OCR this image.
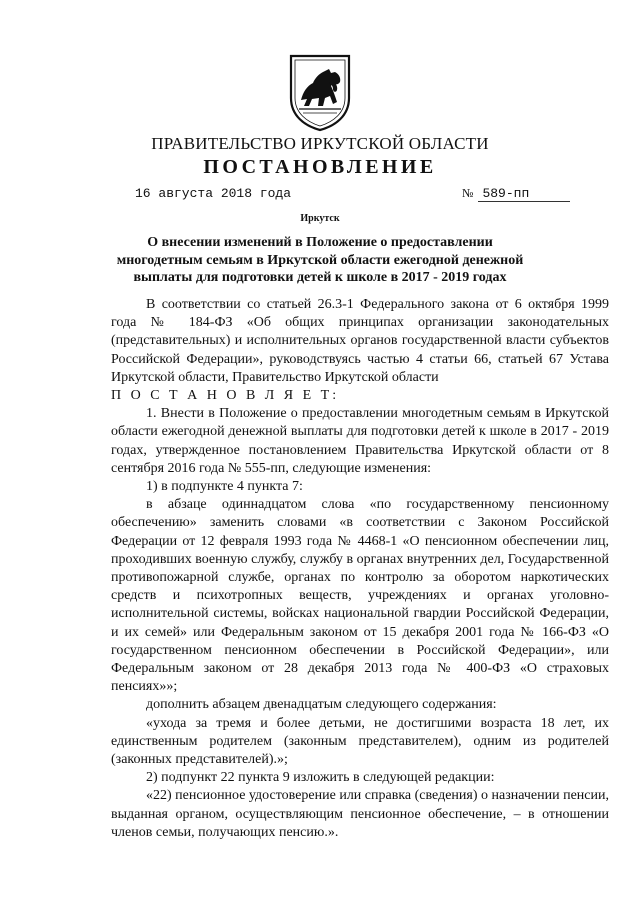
ПРАВИТЕЛЬСТВО ИРКУТСКОЙ ОБЛАСТИ
ПОСТАНОВЛЕНИЕ
16 августа 2018 года	№ 589-пп
Иркутск
О внесении изменений в Положение о предоставлении многодетным семьям в Иркутской области ежегодной денежной выплаты для подготовки детей к школе в 2017 - 2019 годах

В соответствии со статьей 26.3-1 Федерального закона от 6 октября 1999 года № 184-ФЗ «Об общих принципах организации законодательных (представительных) и исполнительных органов государственной власти субъектов Российской Федерации», руководствуясь частью 4 статьи 66, статьей 67 Устава Иркутской области, Правительство Иркутской области

П О С Т А Н О В Л Я Е Т:

1. Внести в Положение о предоставлении многодетным семьям в Иркутской области ежегодной денежной выплаты для подготовки детей к школе в 2017 - 2019 годах, утвержденное постановлением Правительства Иркутской области от 8 сентября 2016 года № 555-пп, следующие изменения:

1) в подпункте 4 пункта 7:

в абзаце одиннадцатом слова «по государственному пенсионному обеспечению» заменить словами «в соответствии с Законом Российской Федерации от 12 февраля 1993 года № 4468-1 «О пенсионном обеспечении лиц, проходивших военную службу, службу в органах внутренних дел, Государственной противопожарной службе, органах по контролю за оборотом наркотических средств и психотропных веществ, учреждениях и органах уголовно-исполнительной системы, войсках национальной гвардии Российской Федерации, и их семей» или Федеральным законом от 15 декабря 2001 года № 166-ФЗ «О государственном пенсионном обеспечении в Российской Федерации», или Федеральным законом от 28 декабря 2013 года № 400-ФЗ «О страховых пенсиях»»;

дополнить абзацем двенадцатым следующего содержания:

«ухода за тремя и более детьми, не достигшими возраста 18 лет, их единственным родителем (законным представителем), одним из родителей (законных представителей).»;

2) подпункт 22 пункта 9 изложить в следующей редакции:

«22) пенсионное удостоверение или справка (сведения) о назначении пенсии, выданная органом, осуществляющим пенсионное обеспечение, – в отношении членов семьи, получающих пенсию.».
